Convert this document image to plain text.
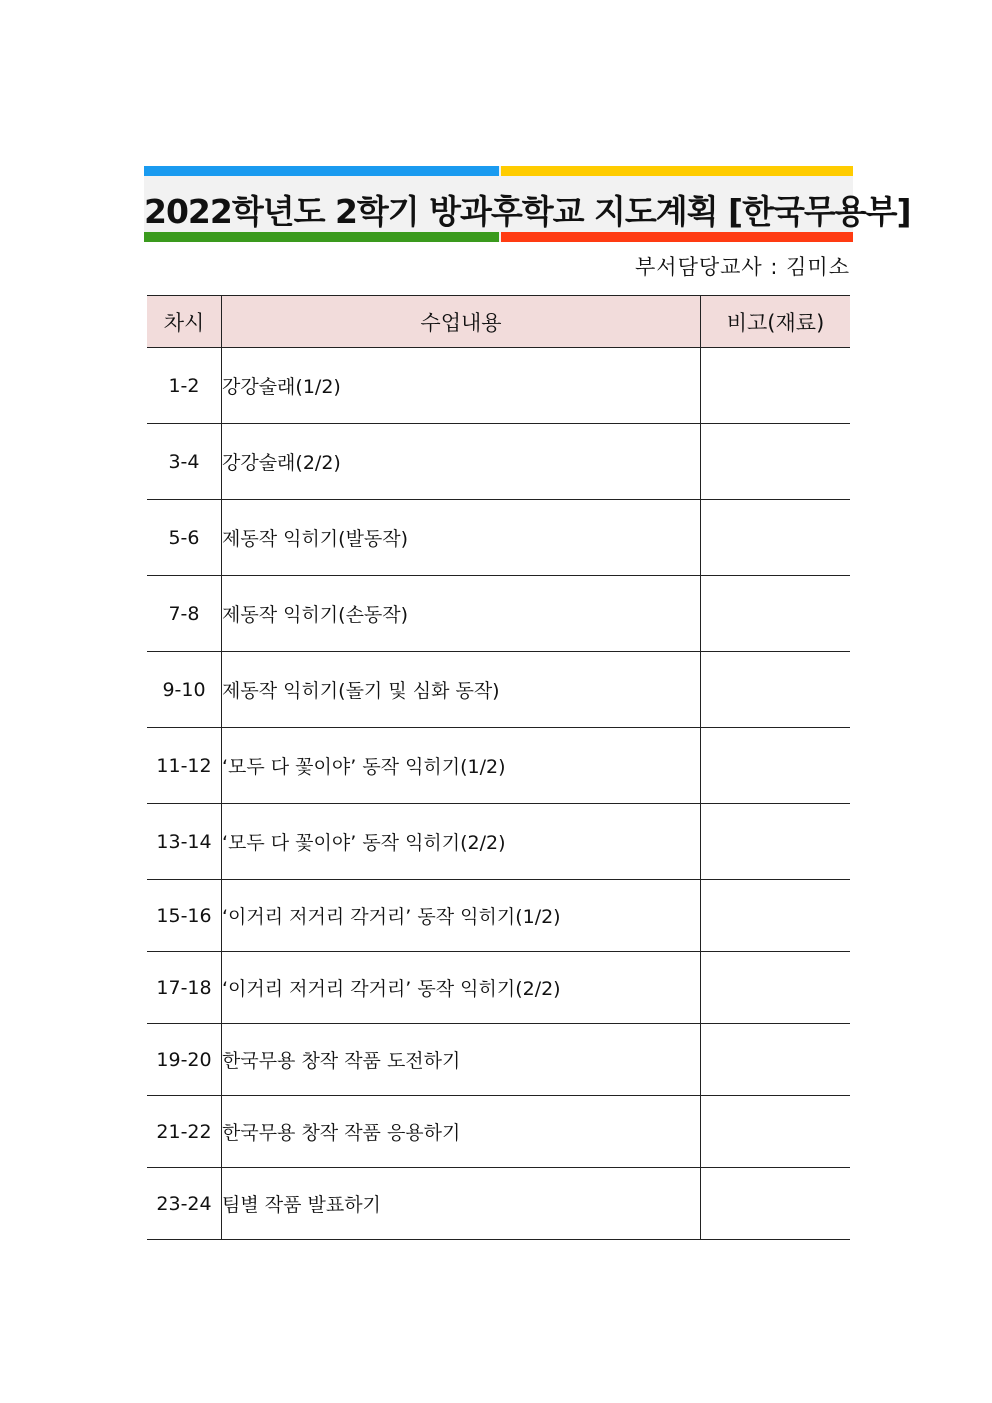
2022학년도 2학기 방과후학교 지도계획 [한국무용부]
부서담당교사 : 김미소
차시	수업내용	비고(재료)
1-2	강강술래(1/2)	
3-4	강강술래(2/2)	
5-6	제동작 익히기(발동작)	
7-8	제동작 익히기(손동작)	
9-10	제동작 익히기(돌기 및 심화 동작)	
11-12	‘모두 다 꽃이야’ 동작 익히기(1/2)	
13-14	‘모두 다 꽃이야’ 동작 익히기(2/2)	
15-16	‘이거리 저거리 각거리’ 동작 익히기(1/2)	
17-18	‘이거리 저거리 각거리’ 동작 익히기(2/2)	
19-20	한국무용 창작 작품 도전하기	
21-22	한국무용 창작 작품 응용하기	
23-24	팀별 작품 발표하기	
